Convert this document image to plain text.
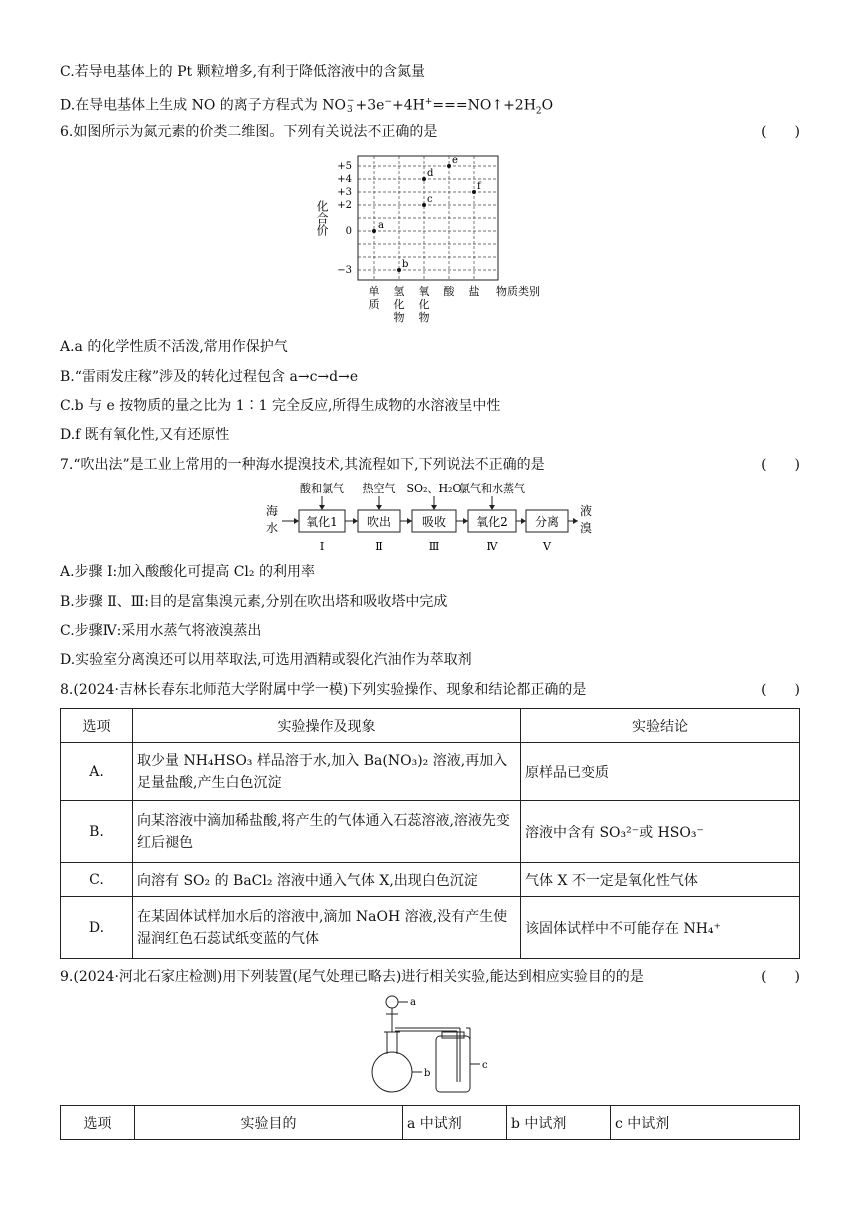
C.若导电基体上的 Pt 颗粒增多,有利于降低溶液中的含氮量
D.在导电基体上生成 NO 的离子方程式为 NO −
$3 +3e^-+4H^+===NO↑+2H_2O$
6.如图所示为氮元素的价类二维图。下列有关说法不正确的是	(　　)
化合价
+5
+4
+3
+2
0
−3
a
b
c
d
e
f
单
质
氢
化
物
氧
化
物
酸 盐 物质类别
A.a 的化学性质不活泼,常用作保护气
B.“雷雨发庄稼”涉及的转化过程包含 a→c→d→e
C.b 与 e 按物质的量之比为 1∶1 完全反应,所得生成物的水溶液呈中性
D.f 既有氧化性,又有还原性
7.“吹出法”是工业上常用的一种海水提溴技术,其流程如下,下列说法不正确的是	(　　)
海
水
液
溴
酸和氯气 热空气 SO₂、H₂O
氯气和水蒸气
氧化1 吹出	吸收	氧化2 分离
Ⅰ	Ⅱ	Ⅲ	Ⅳ	Ⅴ
A.步骤 Ⅰ:加入酸酸化可提高 Cl₂ 的利用率
B.步骤 Ⅱ、Ⅲ:目的是富集溴元素,分别在吹出塔和吸收塔中完成
C.步骤Ⅳ:采用水蒸气将液溴蒸出
D.实验室分离溴还可以用萃取法,可选用酒精或裂化汽油作为萃取剂
8.(2024·吉林长春东北师范大学附属中学一模)下列实验操作、现象和结论都正确的是	(　　)
选项	实验操作及现象	实验结论
A.	取少量 NH₄HSO₃ 样品溶于水,加入 Ba(NO₃)₂ 溶液,再加入足量盐酸,产生白色沉淀	原样品已变质
B.	向某溶液中滴加稀盐酸,将产生的气体通入石蕊溶液,溶液先变红后褪色	溶液中含有 SO₃²⁻或 HSO₃⁻
C.	向溶有 SO₂ 的 BaCl₂ 溶液中通入气体 X,出现白色沉淀	气体 X 不一定是氧化性气体
D.	在某固体试样加水后的溶液中,滴加 NaOH 溶液,没有产生使湿润红色石蕊试纸变蓝的气体	该固体试样中不可能存在 NH₄⁺
9.(2024·河北石家庄检测)用下列装置(尾气处理已略去)进行相关实验,能达到相应实验目的的是	(　　)
a
b
c
选项	实验目的	a 中试剂	b 中试剂	c 中试剂
